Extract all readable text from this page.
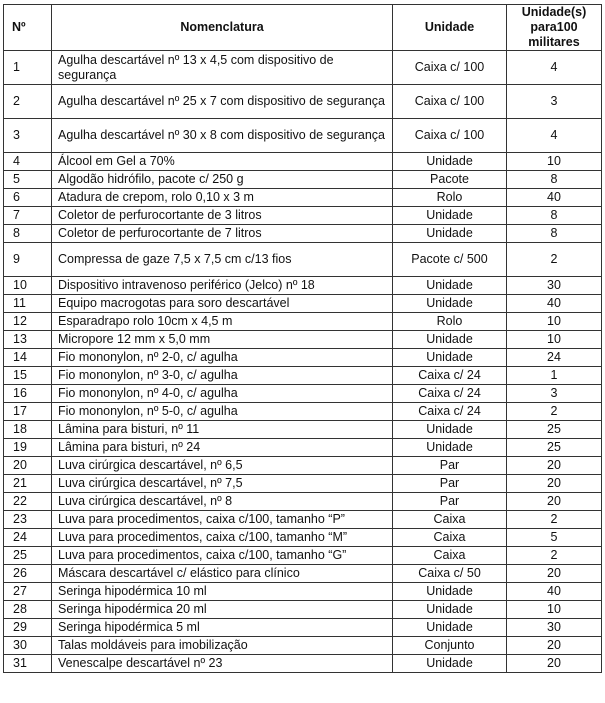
Nº	Nomenclatura	Unidade	Unidade(s) para100 militares
1	Agulha descartável nº 13 x 4,5 com dispositivo de segurança	Caixa c/ 100	4
2	Agulha descartável nº 25 x 7 com dispositivo de segurança	Caixa c/ 100	3
3	Agulha descartável nº 30 x 8 com dispositivo de segurança	Caixa c/ 100	4
4	Álcool em Gel a 70%	Unidade	10
5	Algodão hidrófilo, pacote c/ 250 g	Pacote	8
6	Atadura de crepom, rolo 0,10 x 3 m	Rolo	40
7	Coletor de perfurocortante de 3 litros	Unidade	8
8	Coletor de perfurocortante de 7 litros	Unidade	8
9	Compressa de gaze 7,5 x 7,5 cm c/13 fios	Pacote c/ 500	2
10	Dispositivo intravenoso periférico (Jelco) nº 18	Unidade	30
11	Equipo macrogotas para soro descartável	Unidade	40
12	Esparadrapo rolo 10cm x 4,5 m	Rolo	10
13	Micropore 12 mm x 5,0 mm	Unidade	10
14	Fio mononylon, nº 2-0, c/ agulha	Unidade	24
15	Fio mononylon, nº 3-0, c/ agulha	Caixa c/ 24	1
16	Fio mononylon, nº 4-0, c/ agulha	Caixa c/ 24	3
17	Fio mononylon, nº 5-0, c/ agulha	Caixa c/ 24	2
18	Lâmina para bisturi, nº 11	Unidade	25
19	Lâmina para bisturi, nº 24	Unidade	25
20	Luva cirúrgica descartável, nº 6,5	Par	20
21	Luva cirúrgica descartável, nº 7,5	Par	20
22	Luva cirúrgica descartável, nº 8	Par	20
23	Luva para procedimentos, caixa c/100, tamanho “P”	Caixa	2
24	Luva para procedimentos, caixa c/100, tamanho “M”	Caixa	5
25	Luva para procedimentos, caixa c/100, tamanho “G”	Caixa	2
26	Máscara descartável c/ elástico para clínico	Caixa c/ 50	20
27	Seringa hipodérmica 10 ml	Unidade	40
28	Seringa hipodérmica 20 ml	Unidade	10
29	Seringa hipodérmica 5 ml	Unidade	30
30	Talas moldáveis para imobilização	Conjunto	20
31	Venescalpe descartável nº 23	Unidade	20
